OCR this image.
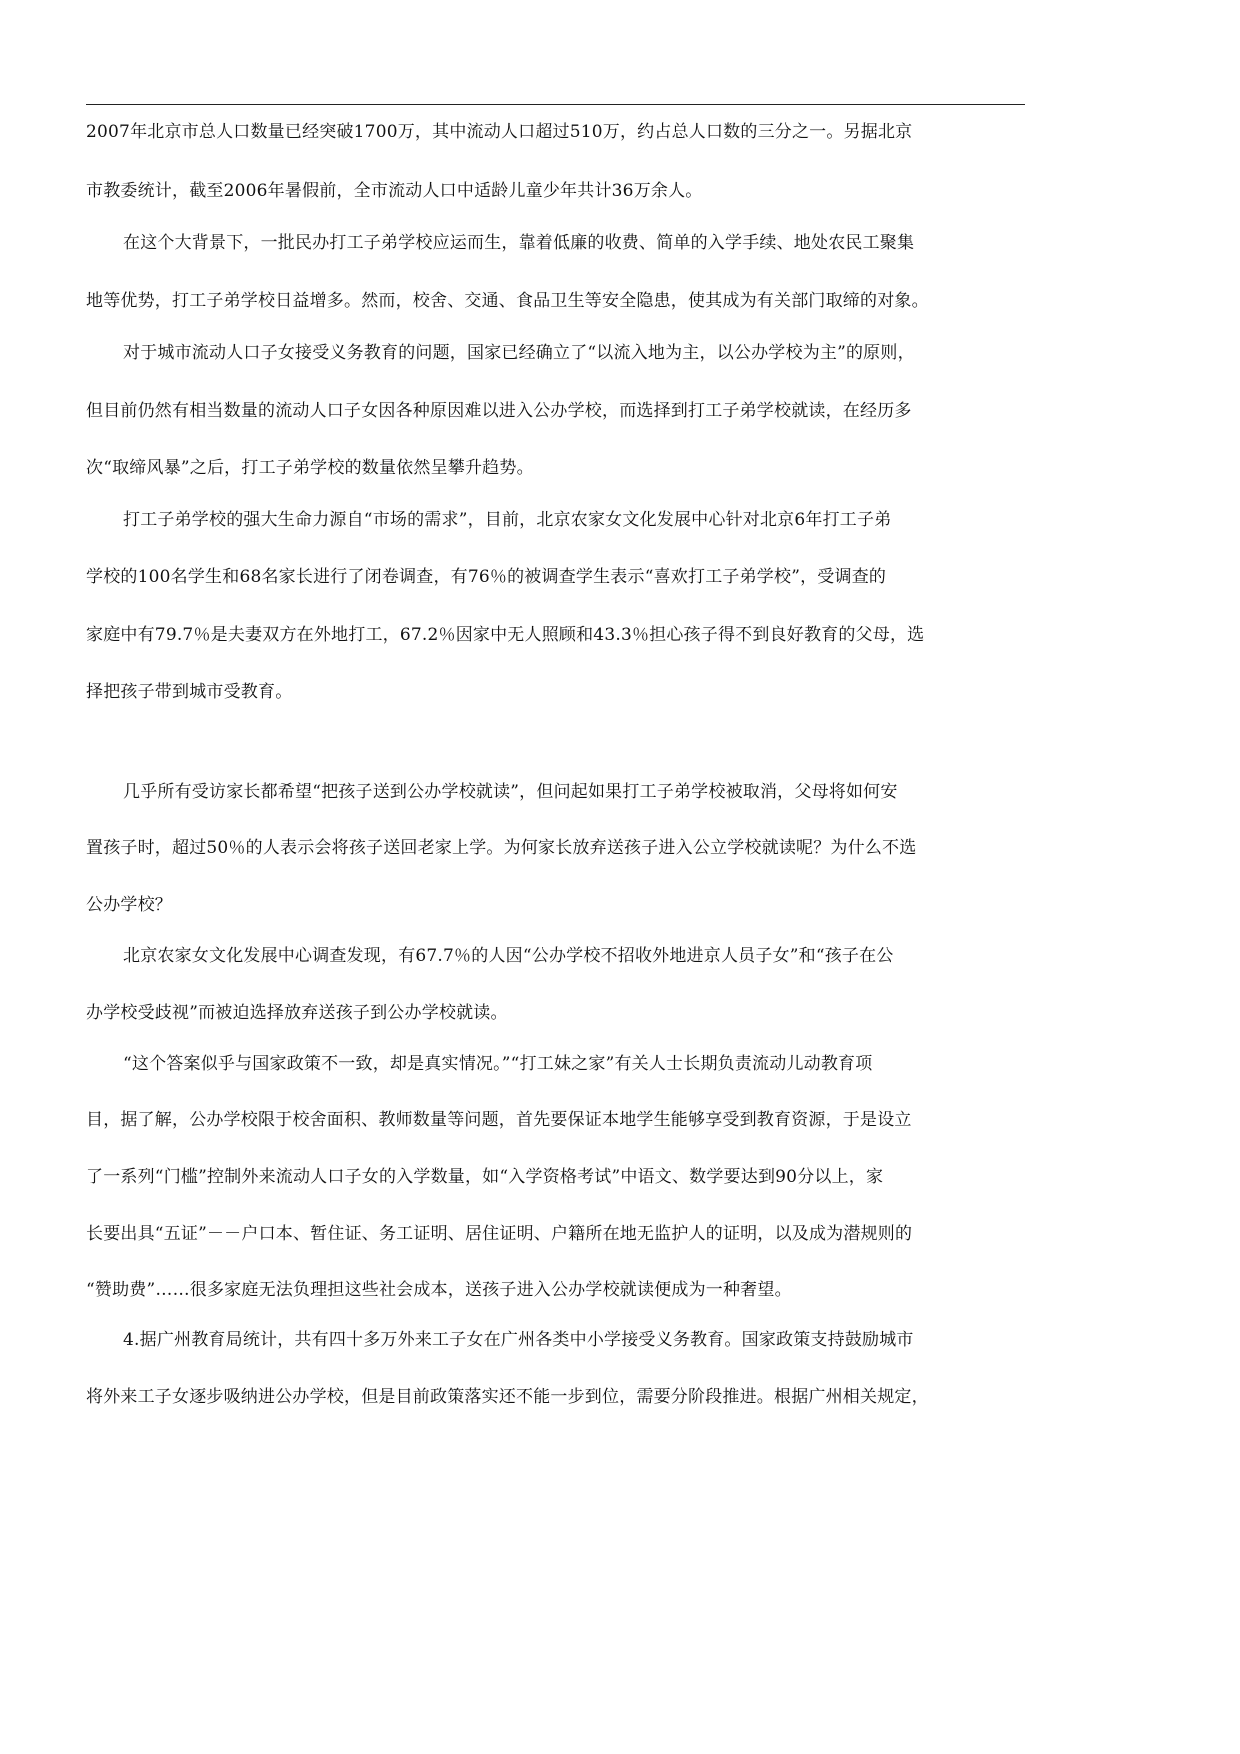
2007年北京市总人口数量已经突破1700万，其中流动人口超过510万，约占总人口数的三分之一。另据北京
市教委统计，截至2006年暑假前，全市流动人口中适龄儿童少年共计36万余人。
在这个大背景下，一批民办打工子弟学校应运而生，靠着低廉的收费、简单的入学手续、地处农民工聚集
地等优势，打工子弟学校日益增多。然而，校舍、交通、食品卫生等安全隐患，使其成为有关部门取缔的对象。
对于城市流动人口子女接受义务教育的问题，国家已经确立了“以流入地为主，以公办学校为主”的原则，
但目前仍然有相当数量的流动人口子女因各种原因难以进入公办学校，而选择到打工子弟学校就读，在经历多
次“取缔风暴”之后，打工子弟学校的数量依然呈攀升趋势。
打工子弟学校的强大生命力源自“市场的需求”，目前，北京农家女文化发展中心针对北京6年打工子弟
学校的100名学生和68名家长进行了闭卷调查，有76％的被调查学生表示“喜欢打工子弟学校”，受调查的
家庭中有79.7％是夫妻双方在外地打工，67.2％因家中无人照顾和43.3％担心孩子得不到良好教育的父母，选
择把孩子带到城市受教育。
几乎所有受访家长都希望“把孩子送到公办学校就读”，但问起如果打工子弟学校被取消，父母将如何安
置孩子时，超过50％的人表示会将孩子送回老家上学。为何家长放弃送孩子进入公立学校就读呢？为什么不选
公办学校？
北京农家女文化发展中心调查发现，有67.7％的人因“公办学校不招收外地进京人员子女”和“孩子在公
办学校受歧视”而被迫选择放弃送孩子到公办学校就读。
“这个答案似乎与国家政策不一致，却是真实情况。”“打工妹之家”有关人士长期负责流动儿动教育项
目，据了解，公办学校限于校舍面积、教师数量等问题，首先要保证本地学生能够享受到教育资源，于是设立
了一系列“门槛”控制外来流动人口子女的入学数量，如“入学资格考试”中语文、数学要达到90分以上，家
长要出具“五证”－－户口本、暂住证、务工证明、居住证明、户籍所在地无监护人的证明，以及成为潜规则的
“赞助费”……很多家庭无法负理担这些社会成本，送孩子进入公办学校就读便成为一种奢望。
4.据广州教育局统计，共有四十多万外来工子女在广州各类中小学接受义务教育。国家政策支持鼓励城市
将外来工子女逐步吸纳进公办学校，但是目前政策落实还不能一步到位，需要分阶段推进。根据广州相关规定，
